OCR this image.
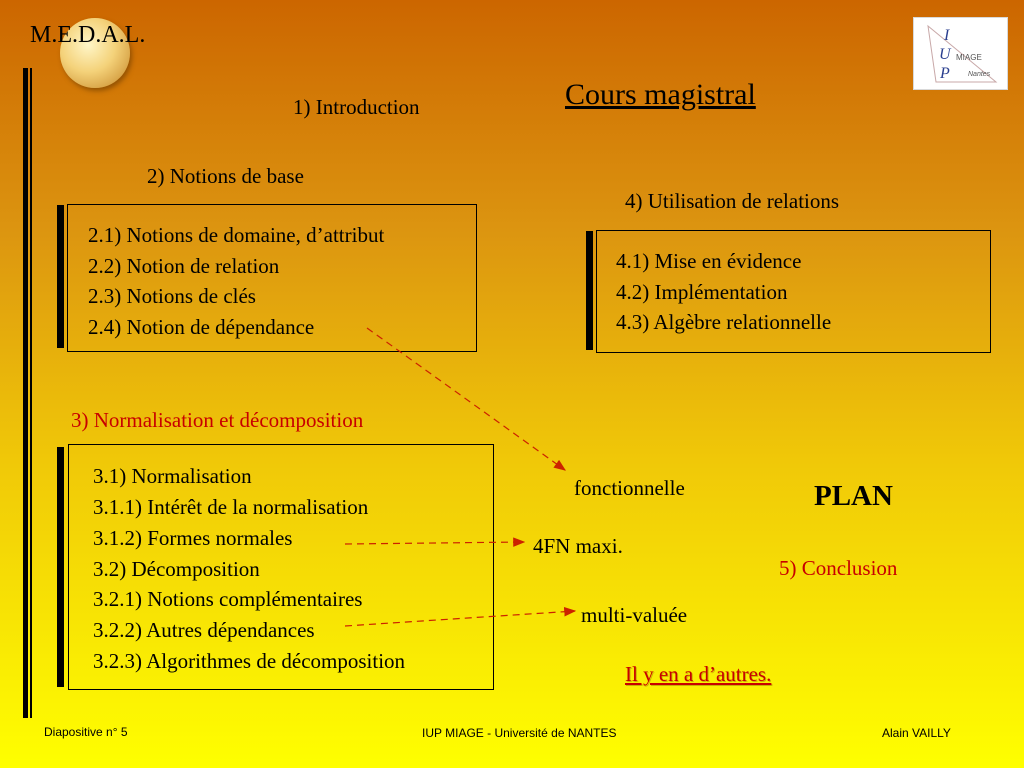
M.E.D.A.L.	I
U
P
MIAGE
Nantes
Cours magistral
1) Introduction
2) Notions de base
2.1) Notions de domaine, d’attribut
2.2) Notion de relation
2.3) Notions de clés
2.4) Notion de dépendance
4) Utilisation de relations
4.1) Mise en évidence
4.2) Implémentation
4.3) Algèbre relationnelle
3) Normalisation et décomposition
3.1) Normalisation
3.1.1) Intérêt de la normalisation
3.1.2) Formes normales
3.2) Décomposition
3.2.1) Notions complémentaires
3.2.2) Autres dépendances
3.2.3) Algorithmes de décomposition
fonctionnelle
4FN maxi.
multi-valuée
PLAN
5) Conclusion
Il y en a d’autres.
Diapositive n° 5	IUP MIAGE - Université de NANTES	Alain VAILLY
